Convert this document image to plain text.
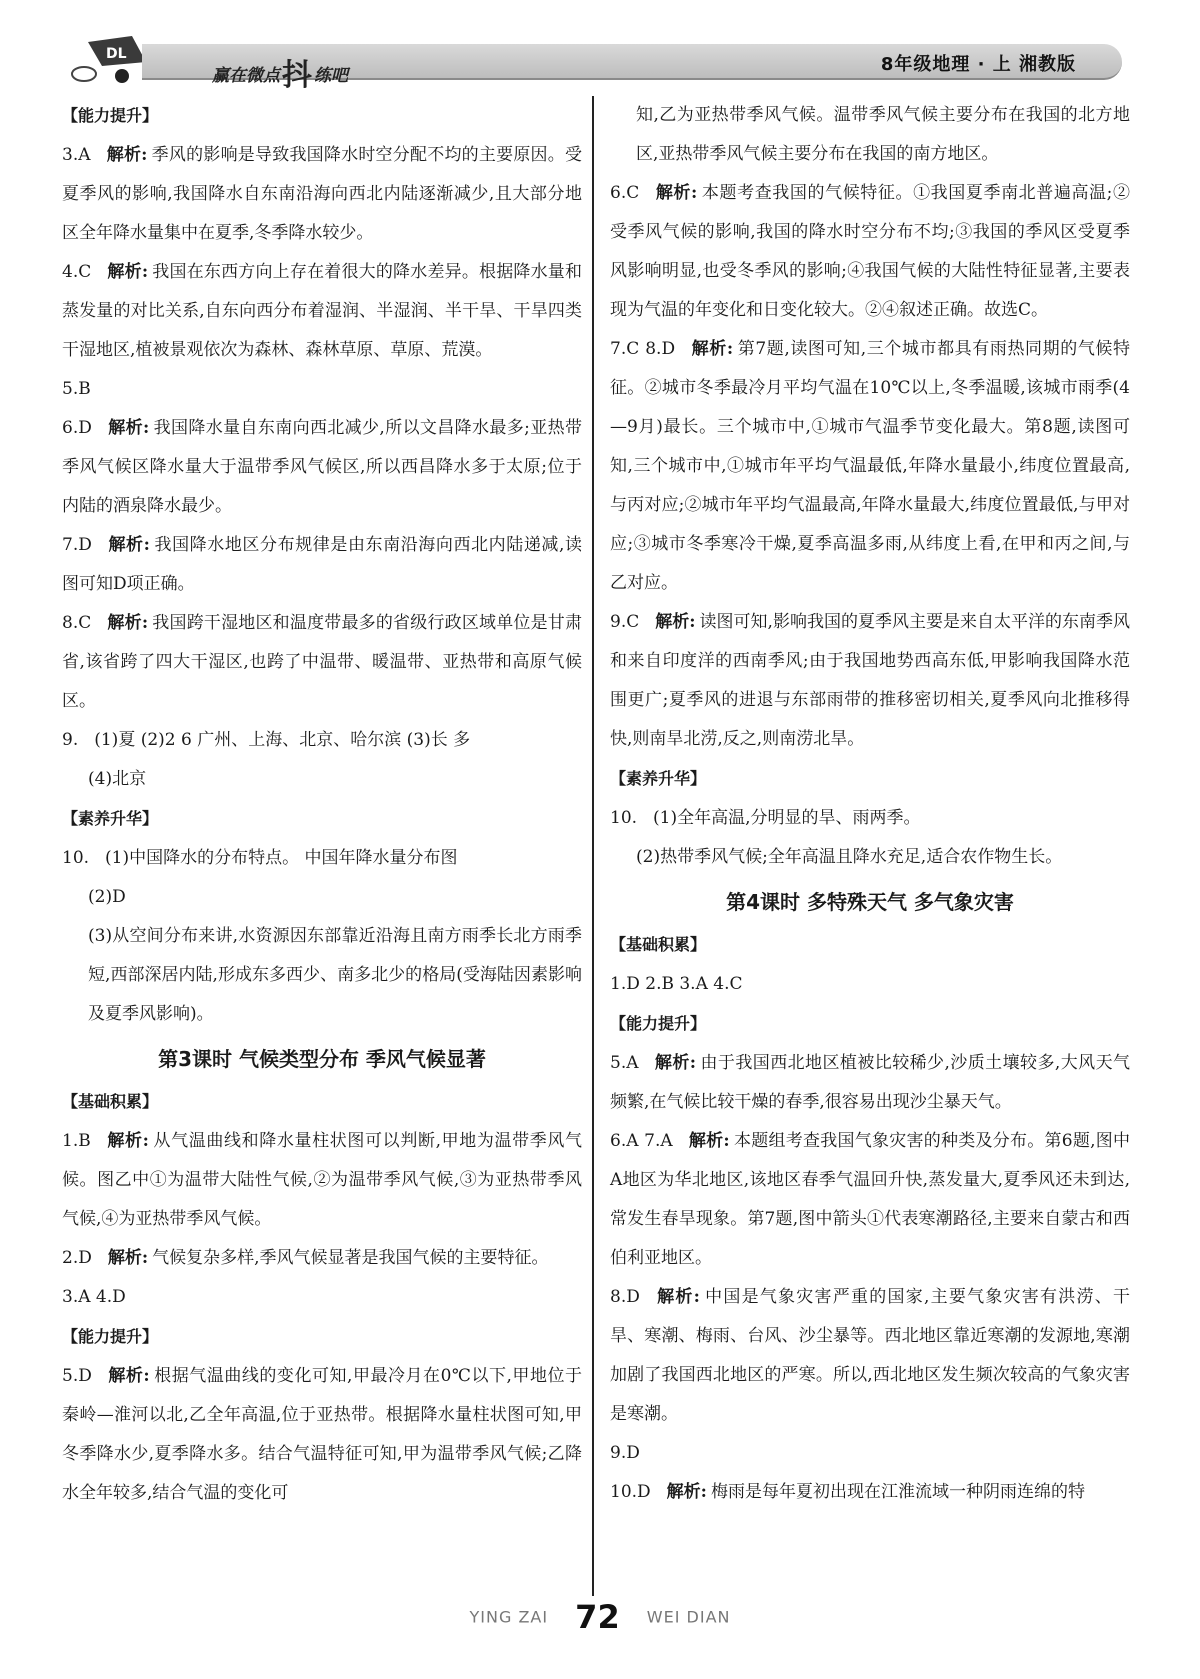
DL
赢在微点抖 练吧
8年级地理 · 上 湘教版
【能力提升】
3.A 解析: 季风的影响是导致我国降水时空分配不均的主要原因。受夏季风的影响,我国降水自东南沿海向西北内陆逐渐减少,且大部分地区全年降水量集中在夏季,冬季降水较少。
4.C 解析: 我国在东西方向上存在着很大的降水差异。根据降水量和蒸发量的对比关系,自东向西分布着湿润、半湿润、半干旱、干旱四类干湿地区,植被景观依次为森林、森林草原、草原、荒漠。
5.B
6.D 解析: 我国降水量自东南向西北减少,所以文昌降水最多;亚热带季风气候区降水量大于温带季风气候区,所以西昌降水多于太原;位于内陆的酒泉降水最少。
7.D 解析: 我国降水地区分布规律是由东南沿海向西北内陆递减,读图可知D项正确。
8.C 解析: 我国跨干湿地区和温度带最多的省级行政区域单位是甘肃省,该省跨了四大干湿区,也跨了中温带、暖温带、亚热带和高原气候区。
9. (1)夏 (2)2 6 广州、上海、北京、哈尔滨 (3)长 多
(4)北京
【素养升华】
10. (1)中国降水的分布特点。 中国年降水量分布图
(2)D
(3)从空间分布来讲,水资源因东部靠近沿海且南方雨季长北方雨季短,西部深居内陆,形成东多西少、南多北少的格局(受海陆因素影响及夏季风影响)。
第3课时 气候类型分布 季风气候显著
【基础积累】
1.B 解析: 从气温曲线和降水量柱状图可以判断,甲地为温带季风气候。图乙中①为温带大陆性气候,②为温带季风气候,③为亚热带季风气候,④为亚热带季风气候。
2.D 解析: 气候复杂多样,季风气候显著是我国气候的主要特征。
3.A 4.D
【能力提升】
5.D 解析: 根据气温曲线的变化可知,甲最冷月在0℃以下,甲地位于秦岭—淮河以北,乙全年高温,位于亚热带。根据降水量柱状图可知,甲冬季降水少,夏季降水多。结合气温特征可知,甲为温带季风气候;乙降水全年较多,结合气温的变化可
知,乙为亚热带季风气候。温带季风气候主要分布在我国的北方地区,亚热带季风气候主要分布在我国的南方地区。
6.C 解析: 本题考查我国的气候特征。①我国夏季南北普遍高温;②受季风气候的影响,我国的降水时空分布不均;③我国的季风区受夏季风影响明显,也受冬季风的影响;④我国气候的大陆性特征显著,主要表现为气温的年变化和日变化较大。②④叙述正确。故选C。
7.C 8.D 解析: 第7题,读图可知,三个城市都具有雨热同期的气候特征。②城市冬季最冷月平均气温在10℃以上,冬季温暖,该城市雨季(4—9月)最长。三个城市中,①城市气温季节变化最大。第8题,读图可知,三个城市中,①城市年平均气温最低,年降水量最小,纬度位置最高,与丙对应;②城市年平均气温最高,年降水量最大,纬度位置最低,与甲对应;③城市冬季寒冷干燥,夏季高温多雨,从纬度上看,在甲和丙之间,与乙对应。
9.C 解析: 读图可知,影响我国的夏季风主要是来自太平洋的东南季风和来自印度洋的西南季风;由于我国地势西高东低,甲影响我国降水范围更广;夏季风的进退与东部雨带的推移密切相关,夏季风向北推移得快,则南旱北涝,反之,则南涝北旱。
【素养升华】
10. (1)全年高温,分明显的旱、雨两季。
(2)热带季风气候;全年高温且降水充足,适合农作物生长。
第4课时 多特殊天气 多气象灾害
【基础积累】
1.D 2.B 3.A 4.C
【能力提升】
5.A 解析: 由于我国西北地区植被比较稀少,沙质土壤较多,大风天气频繁,在气候比较干燥的春季,很容易出现沙尘暴天气。
6.A 7.A 解析: 本题组考查我国气象灾害的种类及分布。第6题,图中A地区为华北地区,该地区春季气温回升快,蒸发量大,夏季风还未到达,常发生春旱现象。第7题,图中箭头①代表寒潮路径,主要来自蒙古和西伯利亚地区。
8.D 解析: 中国是气象灾害严重的国家,主要气象灾害有洪涝、干旱、寒潮、梅雨、台风、沙尘暴等。西北地区靠近寒潮的发源地,寒潮加剧了我国西北地区的严寒。所以,西北地区发生频次较高的气象灾害是寒潮。
9.D
10.D 解析: 梅雨是每年夏初出现在江淮流域一种阴雨连绵的特
YING ZAI 72 WEI DIAN
